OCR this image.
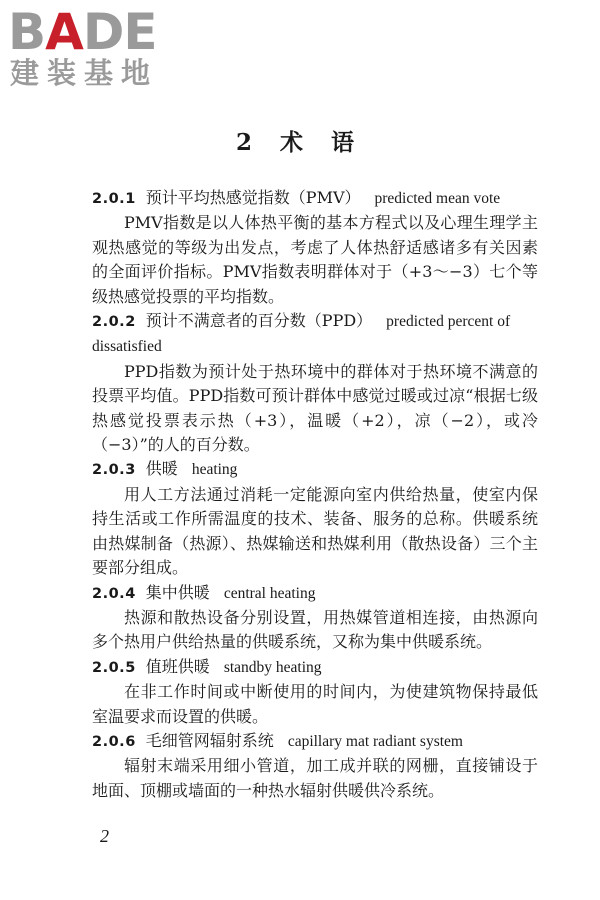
BADE
建装基地
2 术 语

2.0.1 预计平均热感觉指数（PMV） predicted mean vote

PMV指数是以人体热平衡的基本方程式以及心理生理学主观热感觉的等级为出发点，考虑了人体热舒适感诸多有关因素的全面评价指标。PMV指数表明群体对于（+3～−3）七个等级热感觉投票的平均指数。

2.0.2 预计不满意者的百分数（PPD） predicted percent of dissatisfied

PPD指数为预计处于热环境中的群体对于热环境不满意的投票平均值。PPD指数可预计群体中感觉过暖或过凉“根据七级热感觉投票表示热（+3），温暖（+2），凉（−2），或冷（−3）”的人的百分数。

2.0.3 供暖 heating

用人工方法通过消耗一定能源向室内供给热量，使室内保持生活或工作所需温度的技术、装备、服务的总称。供暖系统由热媒制备（热源）、热媒输送和热媒利用（散热设备）三个主要部分组成。

2.0.4 集中供暖 central heating

热源和散热设备分别设置，用热媒管道相连接，由热源向多个热用户供给热量的供暖系统，又称为集中供暖系统。

2.0.5 值班供暖 standby heating

在非工作时间或中断使用的时间内，为使建筑物保持最低室温要求而设置的供暖。

2.0.6 毛细管网辐射系统 capillary mat radiant system

辐射末端采用细小管道，加工成并联的网栅，直接铺设于地面、顶棚或墙面的一种热水辐射供暖供冷系统。

2
